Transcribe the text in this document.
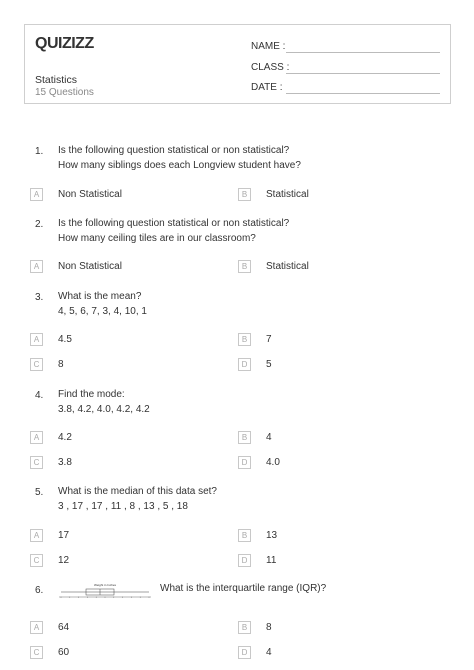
QUIZIZZ
Statistics
15 Questions
NAME :
CLASS :
DATE :
1. Is the following question statistical or non statistical?
How many siblings does each Longview student have?
A	Non Statistical	B	Statistical
2. Is the following question statistical or non statistical?
How many ceiling tiles are in our classroom?
A	Non Statistical	B	Statistical
3. What is the mean?
4, 5, 6, 7, 3, 4, 10, 1
A	4.5	B	7
C	8	D	5
4. Find the mode:
3.8, 4.2, 4.0, 4.2, 4.2
A	4.2	B	4
C	3.8	D	4.0
5. What is the median of this data set?
3 , 17 , 17 , 11 , 8 , 13 , 5 , 18
A	17	B	13
C	12	D	11
6.	Weight in Inches	What is the interquartile range (IQR)?
A	64	B	8
C	60	D	4
